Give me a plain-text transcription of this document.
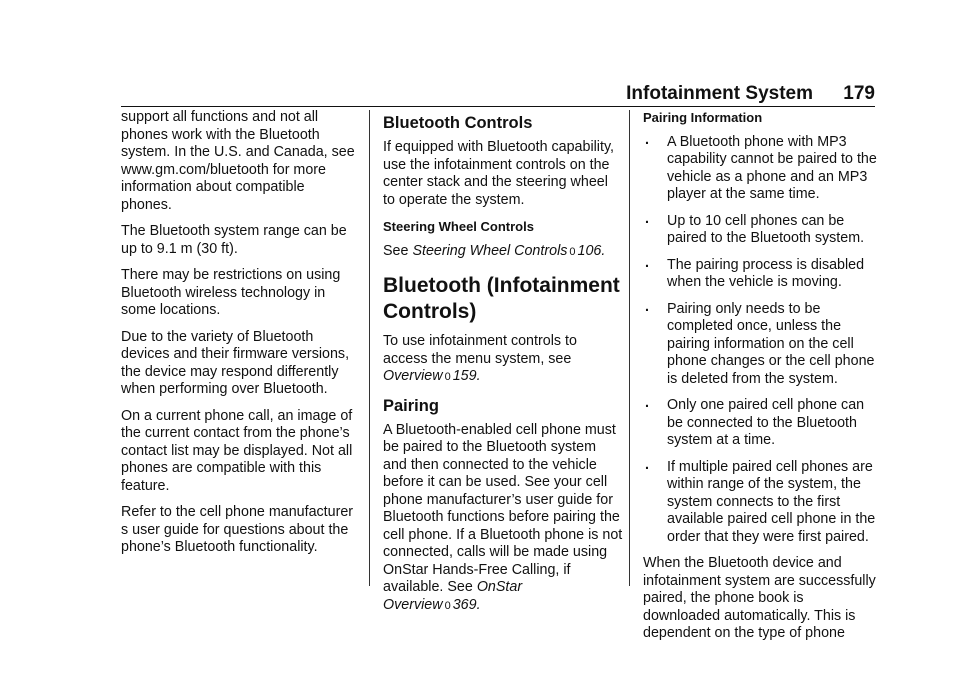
Infotainment System 179

support all functions and not all phones work with the Bluetooth system. In the U.S. and Canada, see www.gm.com/bluetooth for more information about compatible phones.

The Bluetooth system range can be up to 9.1 m (30 ft).

There may be restrictions on using Bluetooth wireless technology in some locations.

Due to the variety of Bluetooth devices and their firmware versions, the device may respond differently when performing over Bluetooth.

On a current phone call, an image of the current contact from the phone’s contact list may be displayed. Not all phones are compatible with this feature.

Refer to the cell phone manufacturer s user guide for questions about the phone’s Bluetooth functionality.

Bluetooth Controls

If equipped with Bluetooth capability, use the infotainment controls on the center stack and the steering wheel to operate the system.

Steering Wheel Controls

See Steering Wheel Controls 0 106.

Bluetooth (Infotainment Controls)

To use infotainment controls to access the menu system, see Overview 0 159.

Pairing

A Bluetooth-enabled cell phone must be paired to the Bluetooth system and then connected to the vehicle before it can be used. See your cell phone manufacturer’s user guide for Bluetooth functions before pairing the cell phone. If a Bluetooth phone is not connected, calls will be made using OnStar Hands-Free Calling, if available. See OnStar Overview 0 369.

Pairing Information
. A Bluetooth phone with MP3 capability cannot be paired to the vehicle as a phone and an MP3 player at the same time.
. Up to 10 cell phones can be paired to the Bluetooth system.
. The pairing process is disabled when the vehicle is moving.
. Pairing only needs to be completed once, unless the pairing information on the cell phone changes or the cell phone is deleted from the system.
. Only one paired cell phone can be connected to the Bluetooth system at a time.
. If multiple paired cell phones are within range of the system, the system connects to the first available paired cell phone in the order that they were first paired.

When the Bluetooth device and infotainment system are successfully paired, the phone book is downloaded automatically. This is dependent on the type of phone
